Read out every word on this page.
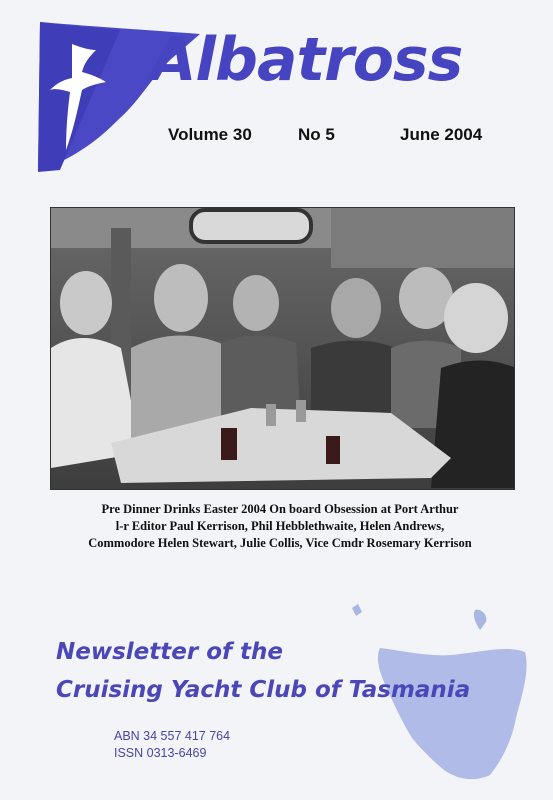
Albatross
Volume 30	No 5	June 2004
Pre Dinner Drinks Easter 2004 On board Obsession at Port Arthur
l-r Editor Paul Kerrison, Phil Hebblethwaite, Helen Andrews,
Commodore Helen Stewart, Julie Collis, Vice Cmdr Rosemary Kerrison
Newsletter of the
Cruising Yacht Club of Tasmania
ABN 34 557 417 764
ISSN 0313-6469
